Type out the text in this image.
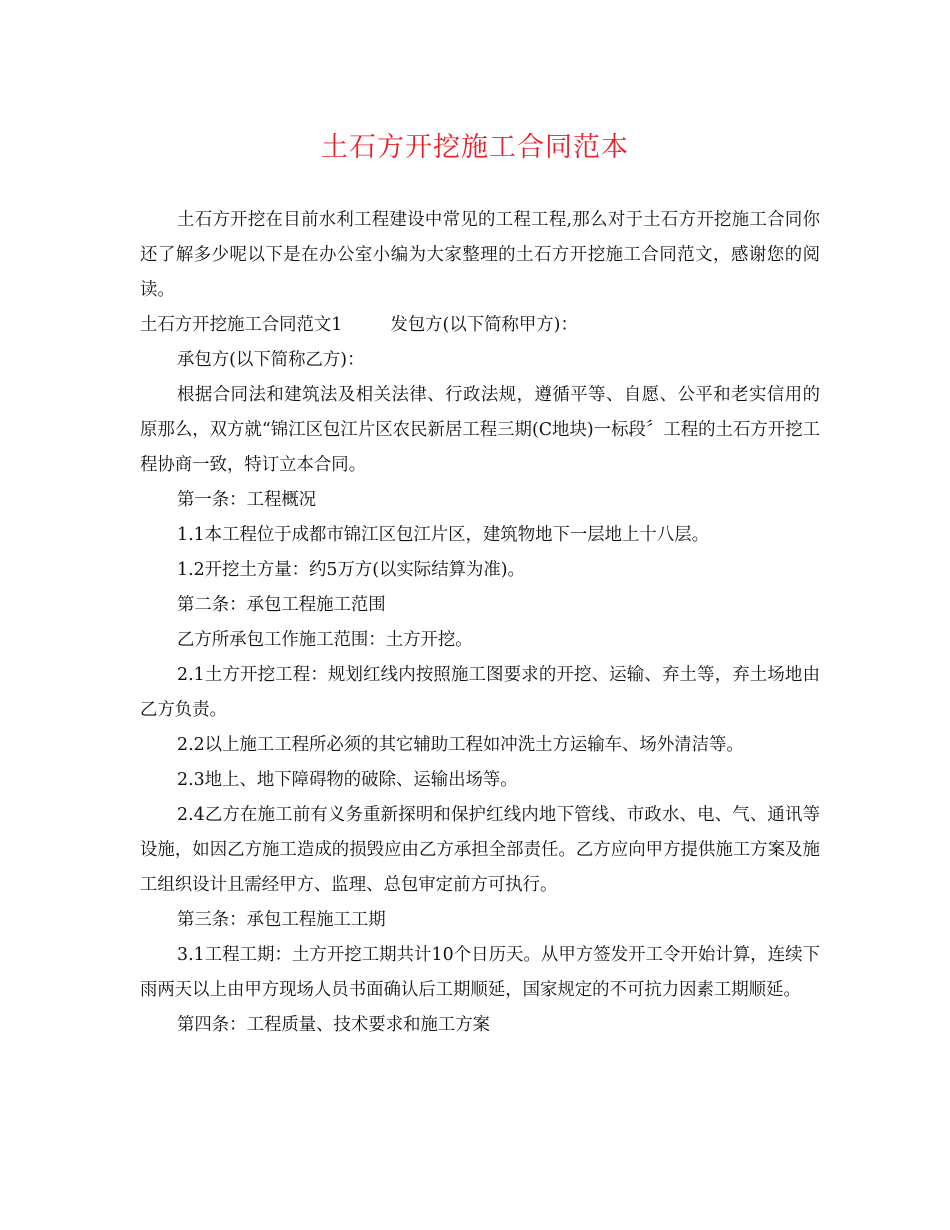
土石方开挖施工合同范本

土石方开挖在目前水利工程建设中常见的工程工程,那么对于土石方开挖施工合同你还了解多少呢以下是在办公室小编为大家整理的土石方开挖施工合同范文，感谢您的阅读。

土石方开挖施工合同范文1	发包方(以下简称甲方)：

承包方(以下简称乙方)：

根据合同法和建筑法及相关法律、行政法规，遵循平等、自愿、公平和老实信用的原那么，双方就“锦江区包江片区农民新居工程三期(C地块)一标段〞工程的土石方开挖工程协商一致，特订立本合同。

第一条：工程概况

1.1本工程位于成都市锦江区包江片区，建筑物地下一层地上十八层。

1.2开挖土方量：约5万方(以实际结算为准)。

第二条：承包工程施工范围

乙方所承包工作施工范围：土方开挖。

2.1土方开挖工程：规划红线内按照施工图要求的开挖、运输、弃土等，弃土场地由乙方负责。

2.2以上施工工程所必须的其它辅助工程如冲洗土方运输车、场外清洁等。

2.3地上、地下障碍物的破除、运输出场等。

2.4乙方在施工前有义务重新探明和保护红线内地下管线、市政水、电、气、通讯等设施，如因乙方施工造成的损毁应由乙方承担全部责任。乙方应向甲方提供施工方案及施工组织设计且需经甲方、监理、总包审定前方可执行。

第三条：承包工程施工工期

3.1工程工期：土方开挖工期共计10个日历天。从甲方签发开工令开始计算，连续下雨两天以上由甲方现场人员书面确认后工期顺延，国家规定的不可抗力因素工期顺延。

第四条：工程质量、技术要求和施工方案
